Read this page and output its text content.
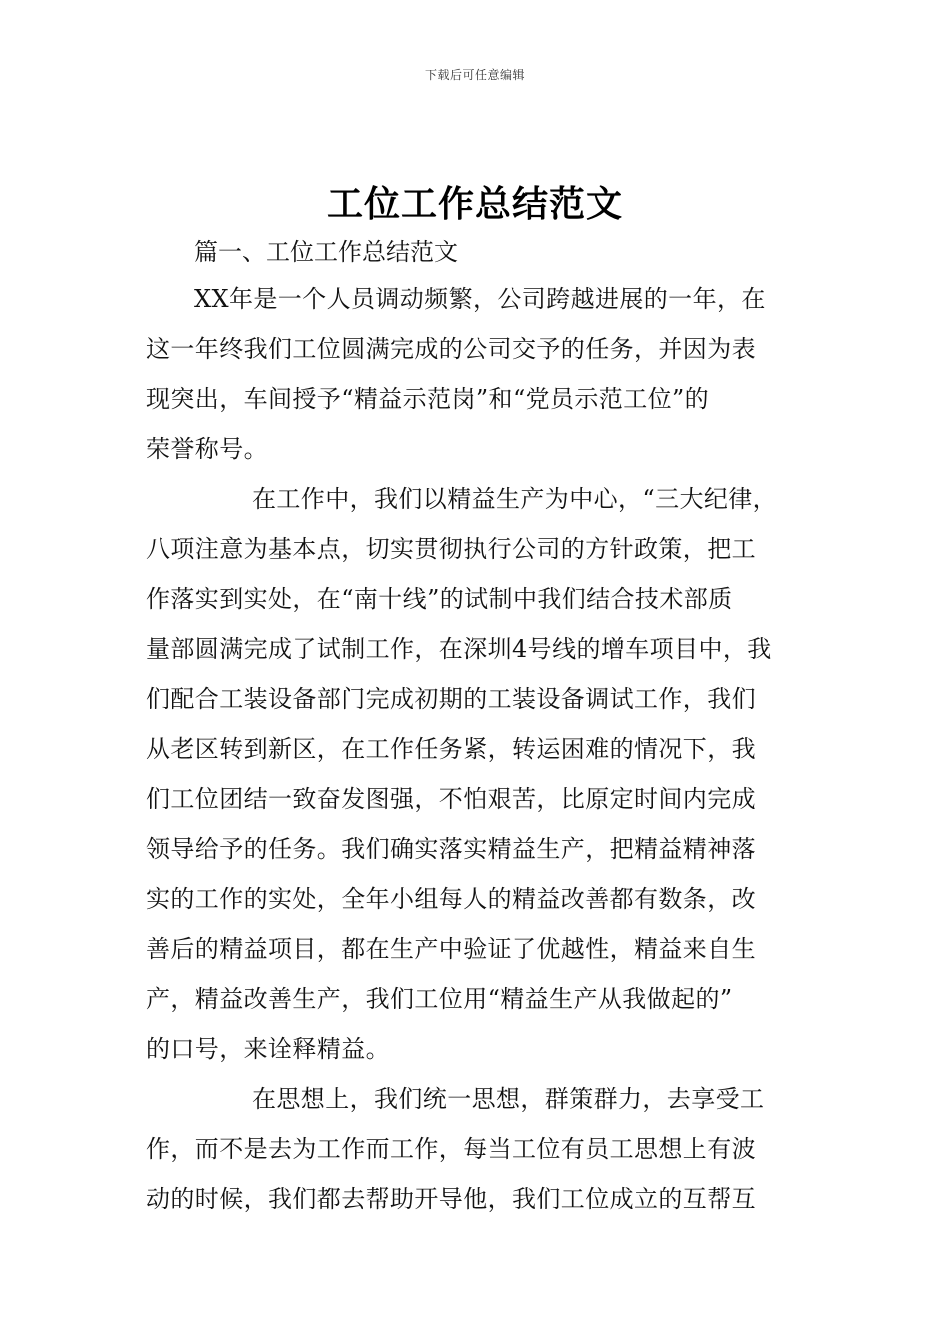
下载后可任意编辑
工位工作总结范文
篇一、工位工作总结范文
XX年是一个人员调动频繁，公司跨越进展的一年，在
这一年终我们工位圆满完成的公司交予的任务，并因为表
现突出，车间授予“精益示范岗”和“党员示范工位”的
荣誉称号。
在工作中，我们以精益生产为中心，“三大纪律，
八项注意为基本点，切实贯彻执行公司的方针政策，把工
作落实到实处，在“南十线”的试制中我们结合技术部质
量部圆满完成了试制工作，在深圳4号线的增车项目中，我
们配合工装设备部门完成初期的工装设备调试工作，我们
从老区转到新区，在工作任务紧，转运困难的情况下，我
们工位团结一致奋发图强，不怕艰苦，比原定时间内完成
领导给予的任务。我们确实落实精益生产，把精益精神落
实的工作的实处，全年小组每人的精益改善都有数条，改
善后的精益项目，都在生产中验证了优越性，精益来自生
产，精益改善生产，我们工位用“精益生产从我做起的”
的口号，来诠释精益。
在思想上，我们统一思想，群策群力，去享受工
作，而不是去为工作而工作，每当工位有员工思想上有波
动的时候，我们都去帮助开导他，我们工位成立的互帮互
